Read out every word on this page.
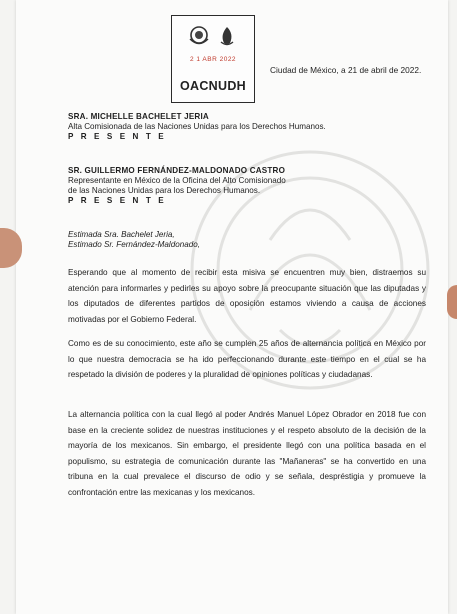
2 1 ABR 2022
OACNUDH
Ciudad de México, a 21 de abril de 2022.
SRA. MICHELLE BACHELET JERIA
Alta Comisionada de las Naciones Unidas para los Derechos Humanos.
P R E S E N T E
SR. GUILLERMO FERNÁNDEZ-MALDONADO CASTRO
Representante en México de la Oficina del Alto Comisionado
de las Naciones Unidas para los Derechos Humanos.
P R E S E N T E
Estimada Sra. Bachelet Jeria,
Estimado Sr. Fernández-Maldonado,

Esperando que al momento de recibir esta misiva se encuentren muy bien, distraemos su atención para informarles y pedirles su apoyo sobre la preocupante situación que las diputadas y los diputados de diferentes partidos de oposición estamos viviendo a causa de acciones motivadas por el Gobierno Federal.

Como es de su conocimiento, este año se cumplen 25 años de alternancia política en México por lo que nuestra democracia se ha ido perfeccionando durante este tiempo en el cual se ha respetado la división de poderes y la pluralidad de opiniones políticas y ciudadanas.

La alternancia política con la cual llegó al poder Andrés Manuel López Obrador en 2018 fue con base en la creciente solidez de nuestras instituciones y el respeto absoluto de la decisión de la mayoría de los mexicanos. Sin embargo, el presidente llegó con una política basada en el populismo, su estrategia de comunicación durante las "Mañaneras" se ha convertido en una tribuna en la cual prevalece el discurso de odio y se señala, despréstigia y promueve la confrontación entre las mexicanas y los mexicanos.
